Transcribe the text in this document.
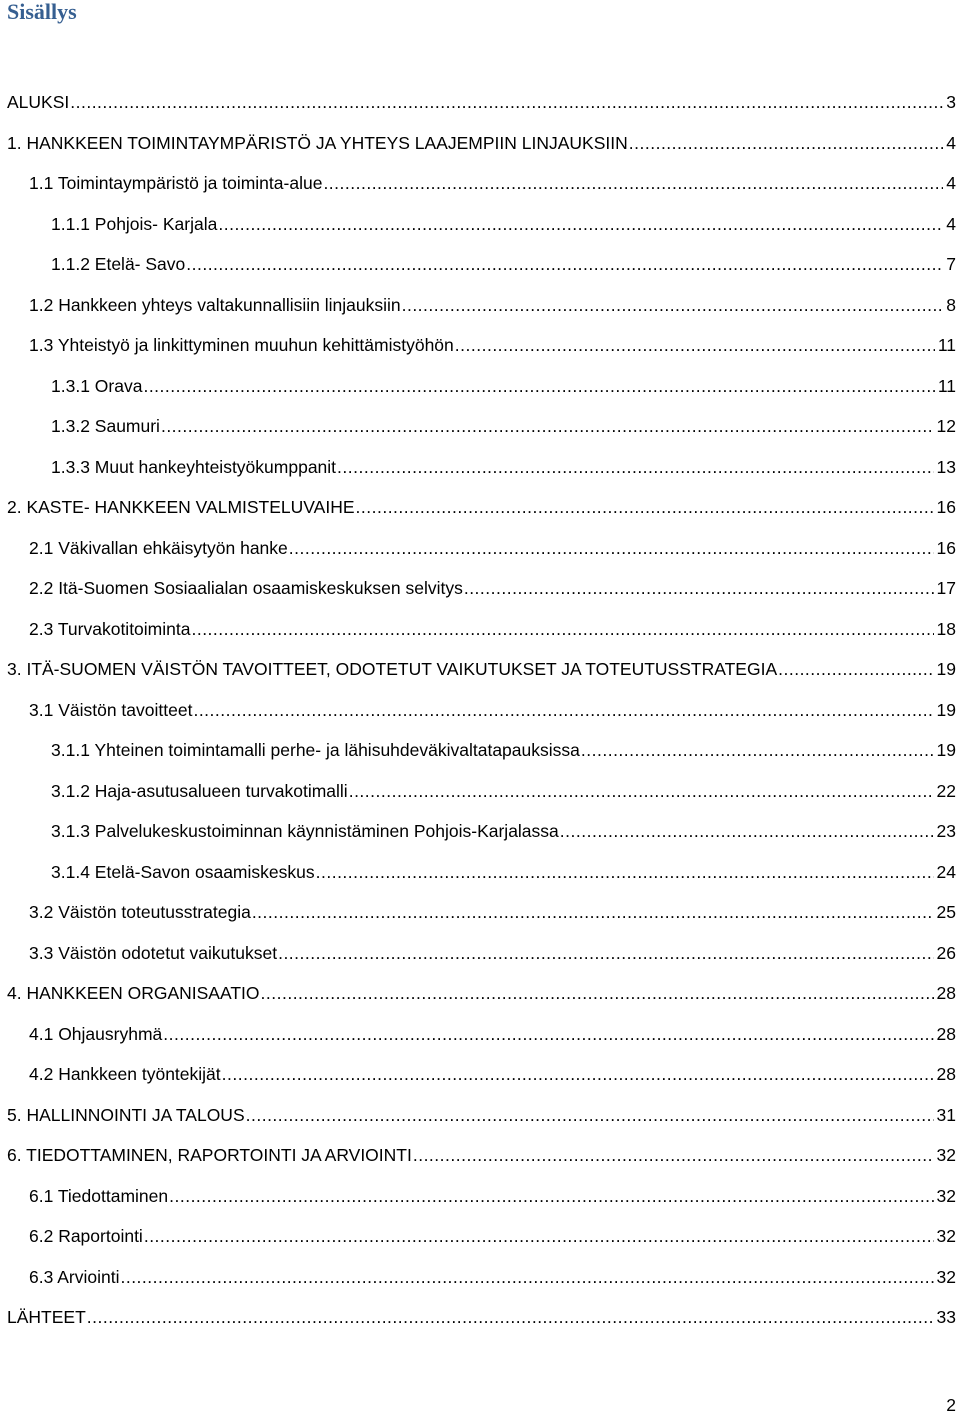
Sisällys
ALUKSI .....	3
1. HANKKEEN TOIMINTAYMPÄRISTÖ JA YHTEYS LAAJEMPIIN LINJAUKSIIN .....	4
1.1 Toimintaympäristö ja toiminta-alue .....	4
1.1.1 Pohjois- Karjala .....	4
1.1.2 Etelä- Savo .....	7
1.2 Hankkeen yhteys valtakunnallisiin linjauksiin .....	8
1.3 Yhteistyö ja linkittyminen muuhun kehittämistyöhön .....	11
1.3.1 Orava .....	11
1.3.2 Saumuri .....	12
1.3.3 Muut hankeyhteistyökumppanit .....	13
2. KASTE- HANKKEEN VALMISTELUVAIHE .....	16
2.1 Väkivallan ehkäisytyön hanke .....	16
2.2 Itä-Suomen Sosiaalialan osaamiskeskuksen selvitys .....	17
2.3 Turvakotitoiminta .....	18
3. ITÄ-SUOMEN VÄISTÖN TAVOITTEET, ODOTETUT VAIKUTUKSET JA TOTEUTUSSTRATEGIA .....	19
3.1 Väistön tavoitteet .....	19
3.1.1 Yhteinen toimintamalli perhe- ja lähisuhdeväkivaltatapauksissa .....	19
3.1.2 Haja-asutusalueen turvakotimalli .....	22
3.1.3 Palvelukeskustoiminnan käynnistäminen Pohjois-Karjalassa .....	23
3.1.4 Etelä-Savon osaamiskeskus .....	24
3.2 Väistön toteutusstrategia .....	25
3.3 Väistön odotetut vaikutukset .....	26
4. HANKKEEN ORGANISAATIO .....	28
4.1 Ohjausryhmä .....	28
4.2 Hankkeen työntekijät .....	28
5. HALLINNOINTI JA TALOUS .....	31
6. TIEDOTTAMINEN, RAPORTOINTI JA ARVIOINTI .....	32
6.1 Tiedottaminen .....	32
6.2 Raportointi .....	32
6.3 Arviointi .....	32
LÄHTEET .....	33
2
